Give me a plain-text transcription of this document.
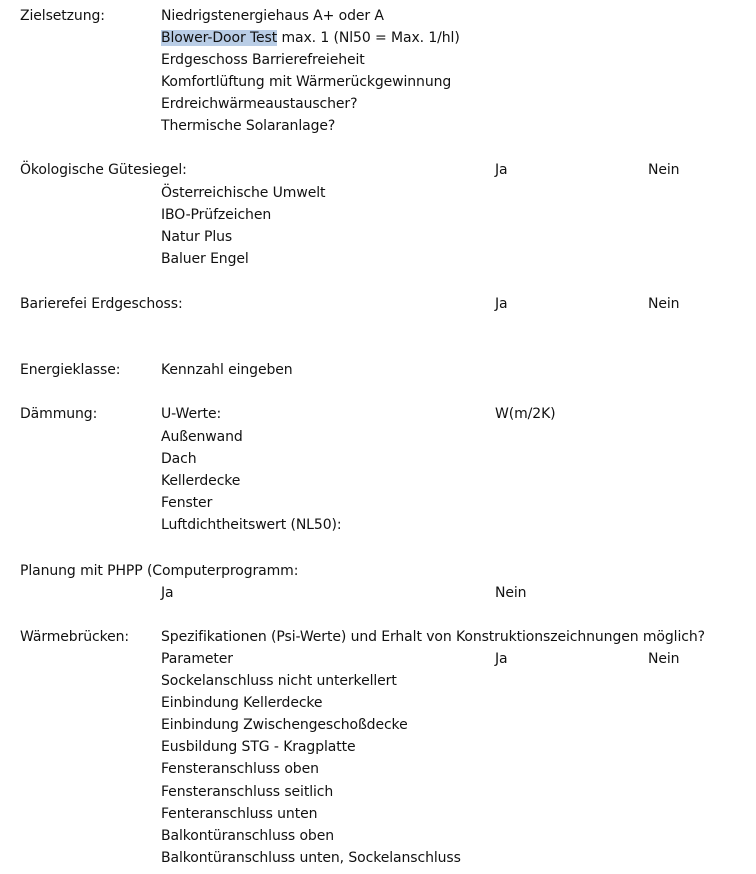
Zielsetzung:	Niedrigstenergiehaus A+ oder A
Blower-Door Test max. 1 (Nl50 = Max. 1/hl)
Erdgeschoss Barrierefreieheit
Komfortlüftung mit Wärmerückgewinnung
Erdreichwärmeaustauscher?
Thermische Solaranlage?
Ökologische Gütesiegel:	Ja	Nein
Österreichische Umwelt
IBO-Prüfzeichen
Natur Plus
Baluer Engel
Barierefei Erdgeschoss:	Ja	Nein
Energieklasse:	Kennzahl eingeben
Dämmung:	U-Werte:	W(m/2K)
Außenwand
Dach
Kellerdecke
Fenster
Luftdichtheitswert (NL50):
Planung mit PHPP (Computerprogramm:
Ja	Nein
Wärmebrücken: Spezifikationen (Psi-Werte) und Erhalt von Konstruktionszeichnungen möglich?
Parameter	Ja	Nein
Sockelanschluss nicht unterkellert
Einbindung Kellerdecke
Einbindung Zwischengeschoßdecke
Eusbildung STG - Kragplatte
Fensteranschluss oben
Fensteranschluss seitlich
Fenteranschluss unten
Balkontüranschluss oben
Balkontüranschluss unten, Sockelanschluss
